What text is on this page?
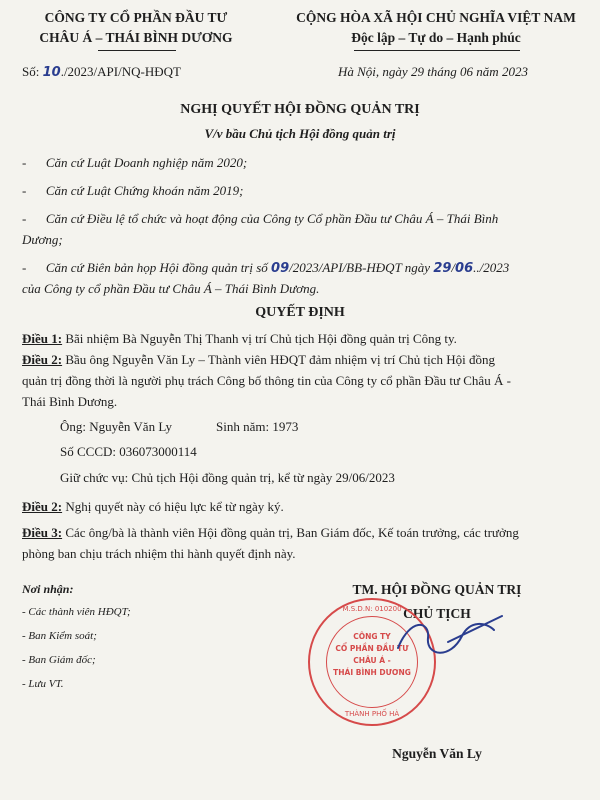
CÔNG TY CỔ PHẦN ĐẦU TƯ
CHÂU Á – THÁI BÌNH DƯƠNG
CỘNG HÒA XÃ HỘI CHỦ NGHĨA VIỆT NAM
Độc lập – Tự do – Hạnh phúc
Số: 10./2023/API/NQ-HĐQT	Hà Nội, ngày 29 tháng 06 năm 2023
NGHỊ QUYẾT HỘI ĐỒNG QUẢN TRỊ
V/v bầu Chủ tịch Hội đồng quản trị
-      Căn cứ Luật Doanh nghiệp năm 2020;
-      Căn cứ Luật Chứng khoán năm 2019;
-      Căn cứ Điều lệ tổ chức và hoạt động của Công ty Cổ phần Đầu tư Châu Á – Thái Bình
Dương;
-      Căn cứ Biên bản họp Hội đồng quản trị số 09/2023/API/BB-HĐQT ngày 29/06../2023
của Công ty cổ phần Đầu tư Châu Á – Thái Bình Dương.
QUYẾT ĐỊNH
Điều 1: Bãi nhiệm Bà Nguyễn Thị Thanh vị trí Chủ tịch Hội đồng quản trị Công ty.
Điều 2: Bầu ông Nguyễn Văn Ly – Thành viên HĐQT đảm nhiệm vị trí Chủ tịch Hội đồng
quản trị đồng thời là người phụ trách Công bố thông tin của Công ty cổ phần Đầu tư Châu Á -
Thái Bình Dương.
Ông: Nguyễn Văn Ly	Sinh năm: 1973
Số CCCD: 036073000114
Giữ chức vụ: Chủ tịch Hội đồng quản trị, kể từ ngày 29/06/2023
Điều 2: Nghị quyết này có hiệu lực kể từ ngày ký.
Điều 3: Các ông/bà là thành viên Hội đồng quản trị, Ban Giám đốc, Kế toán trưởng, các trưởng
phòng ban chịu trách nhiệm thi hành quyết định này.
Nơi nhận:
- Các thành viên HĐQT;
- Ban Kiểm soát;
- Ban Giám đốc;
- Lưu VT.
TM. HỘI ĐỒNG QUẢN TRỊ
CHỦ TỊCH
CÔNG TY
CỔ PHẦN ĐẦU TƯ
CHÂU Á -
THÁI BÌNH DƯƠNG
M.S.D.N: 010200
THÀNH PHỐ HÀ
Nguyễn Văn Ly
